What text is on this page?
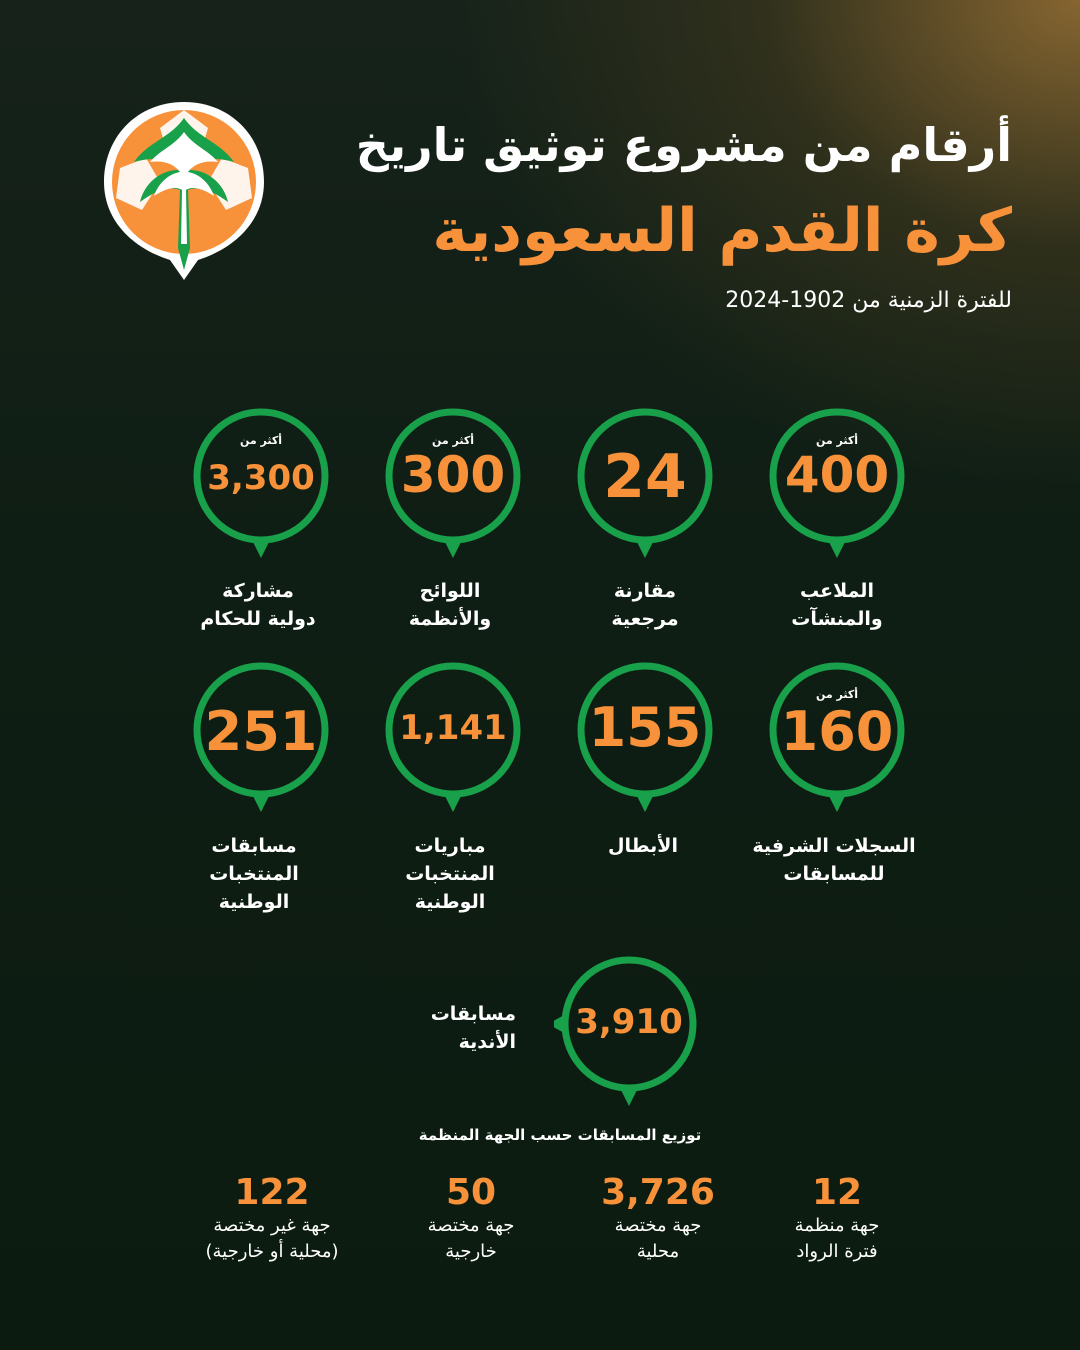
أرقام من مشروع توثيق تاريخ
كرة القدم السعودية
للفترة الزمنية من 1902-2024
أكثر من
400
24
أكثر من
300
أكثر من
3,300
الملاعب
والمنشآت
مقارنة
مرجعية
اللوائح
والأنظمة
مشاركة
دولية للحكام
أكثر من
160
155
1,141
251
السجلات الشرفية
للمسابقات
الأبطال
مباريات
المنتخبات
الوطنية
مسابقات
المنتخبات
الوطنية
3,910
مسابقات
الأندية
توزيع المسابقات حسب الجهة المنظمة
12
جهة منظمة
فترة الرواد
3,726
جهة مختصة
محلية
50
جهة مختصة
خارجية
122
جهة غير مختصة
(محلية أو خارجية)
